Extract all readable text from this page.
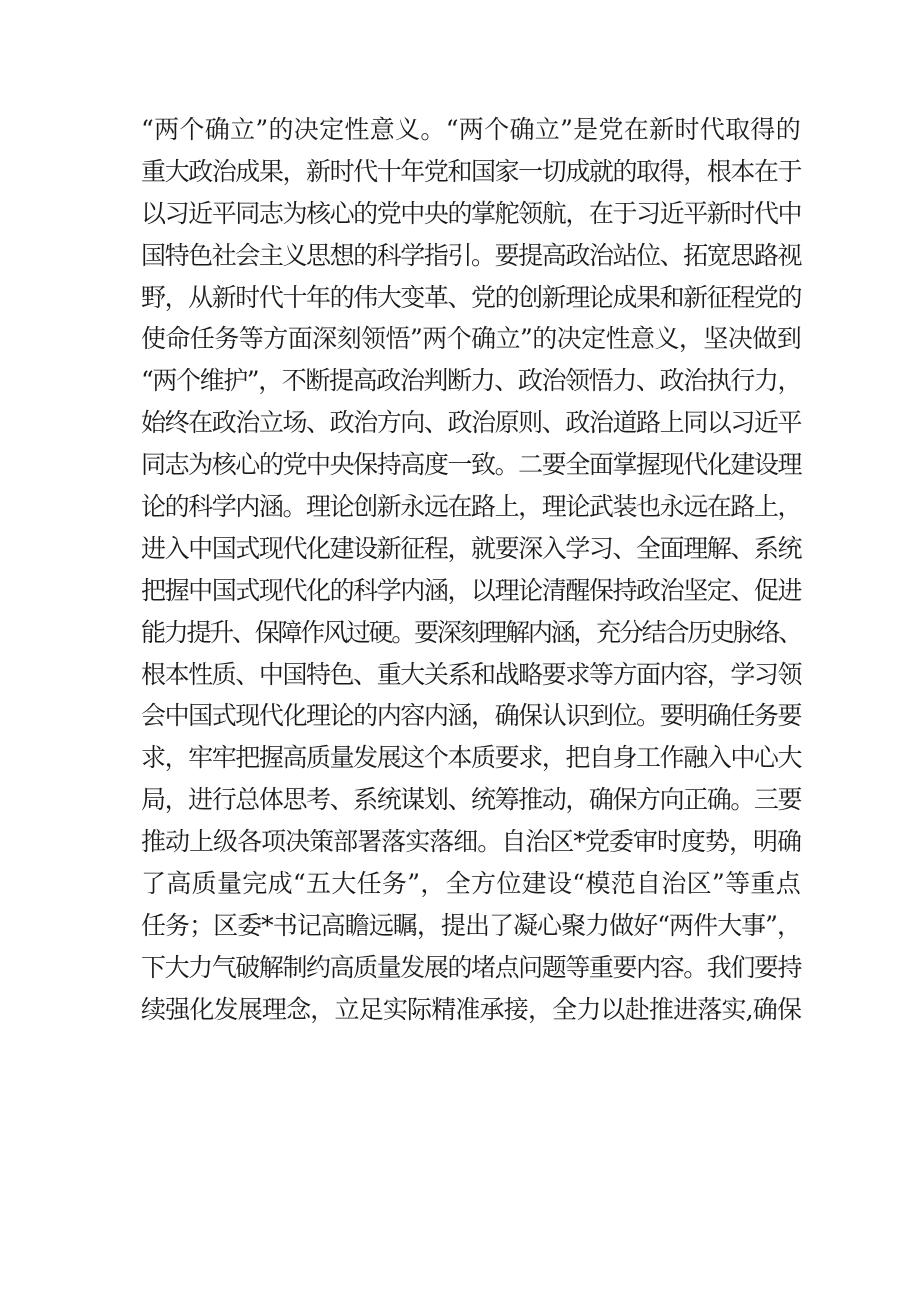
“两个确立”的决定性意义。“两个确立”是党在新时代取得的
重大政治成果，新时代十年党和国家一切成就的取得，根本在于
以习近平同志为核心的党中央的掌舵领航，在于习近平新时代中
国特色社会主义思想的科学指引。要提高政治站位、拓宽思路视
野，从新时代十年的伟大变革、党的创新理论成果和新征程党的
使命任务等方面深刻领悟”两个确立”的决定性意义，坚决做到
“两个维护”，不断提高政治判断力、政治领悟力、政治执行力，
始终在政治立场、政治方向、政治原则、政治道路上同以习近平
同志为核心的党中央保持高度一致。二要全面掌握现代化建设理
论的科学内涵。理论创新永远在路上，理论武装也永远在路上，
进入中国式现代化建设新征程，就要深入学习、全面理解、系统
把握中国式现代化的科学内涵，以理论清醒保持政治坚定、促进
能力提升、保障作风过硬。要深刻理解内涵，充分结合历史脉络、
根本性质、中国特色、重大关系和战略要求等方面内容，学习领
会中国式现代化理论的内容内涵，确保认识到位。要明确任务要
求，牢牢把握高质量发展这个本质要求，把自身工作融入中心大
局，进行总体思考、系统谋划、统筹推动，确保方向正确。三要
推动上级各项决策部署落实落细。自治区*党委审时度势，明确
了高质量完成“五大任务”，全方位建设“模范自治区”等重点
任务；区委*书记高瞻远瞩，提出了凝心聚力做好“两件大事”，
下大力气破解制约高质量发展的堵点问题等重要内容。我们要持
续强化发展理念，立足实际精准承接，全力以赴推进落实,确保
